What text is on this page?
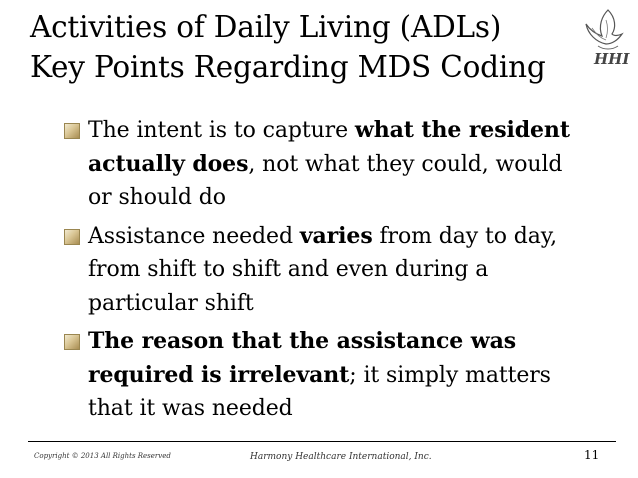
Activities of Daily Living (ADLs)
Key Points Regarding MDS Coding	HHI
The intent is to capture what the resident
actually does, not what they could, would
or should do
Assistance needed varies from day to day,
from shift to shift and even during a
particular shift
The reason that the assistance was
required is irrelevant; it simply matters
that it was needed
Copyright © 2013 All Rights Reserved	Harmony Healthcare International, Inc.	11
